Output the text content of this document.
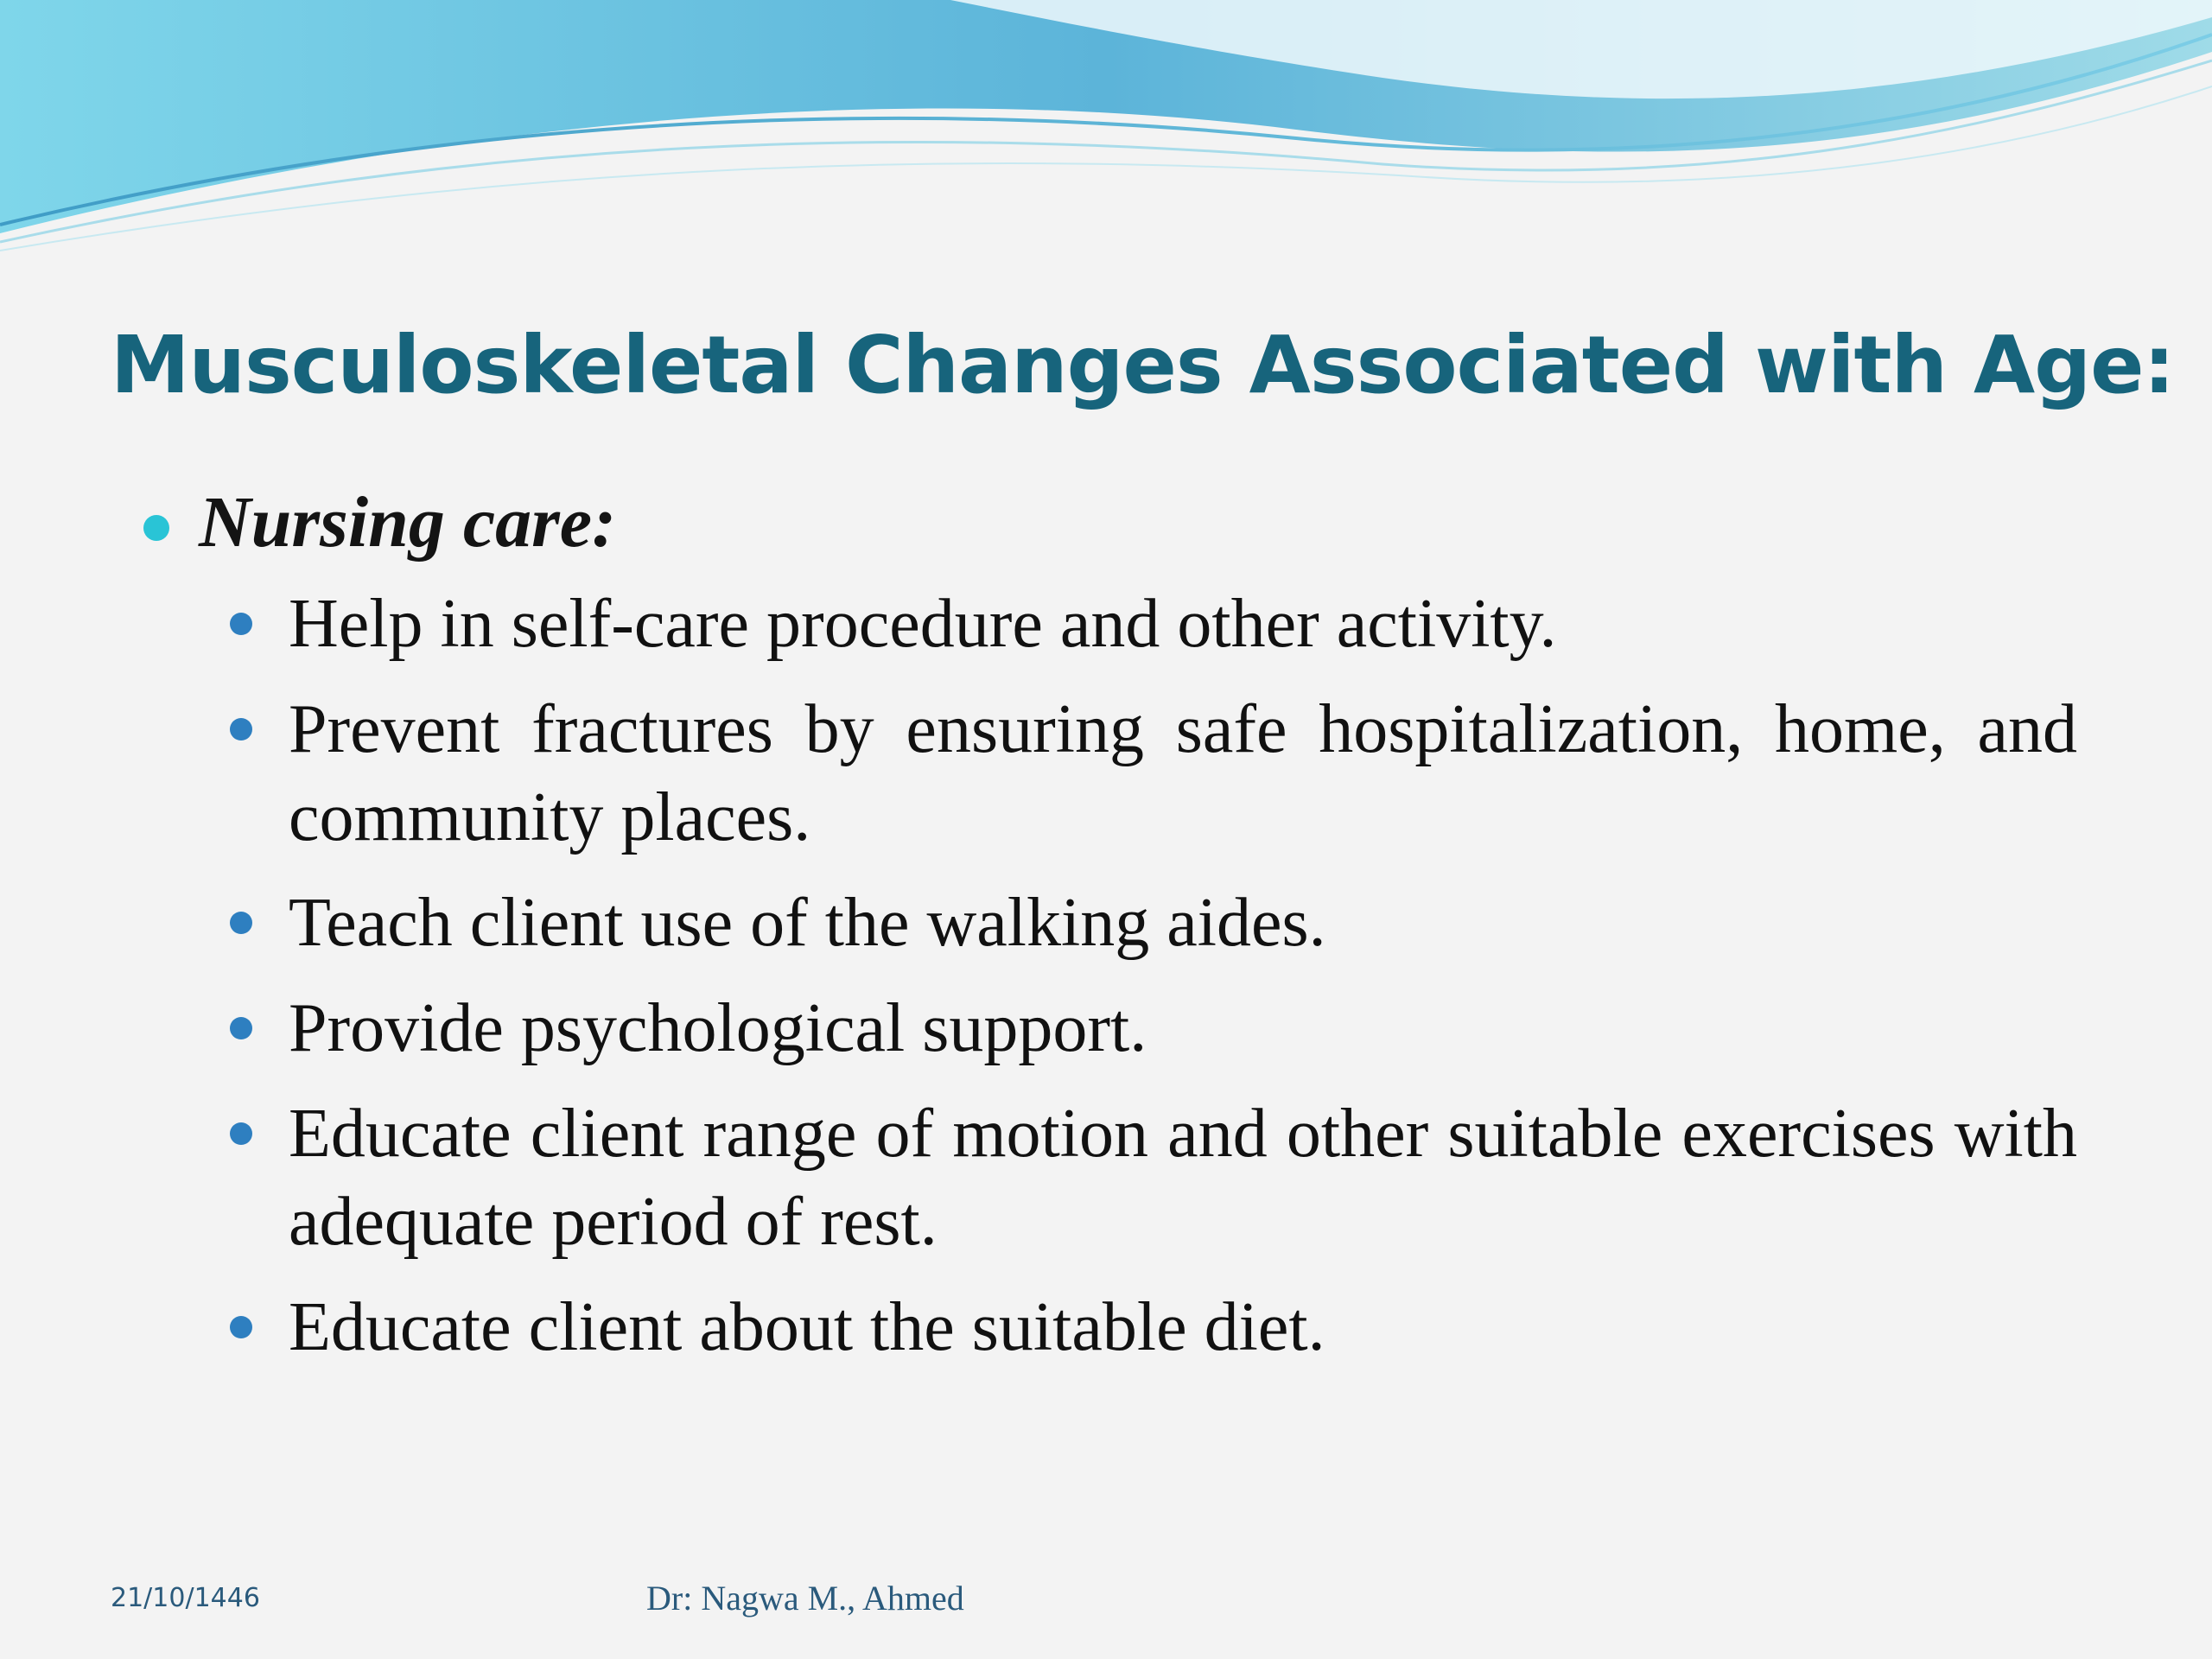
Musculoskeletal Changes Associated with Age:
Nursing care:
Help in self-care procedure and other activity.
Prevent fractures by ensuring safe hospitalization, home, and community places.
Teach client use of the walking aides.
Provide psychological support.
Educate client range of motion and other suitable exercises with adequate period of rest.
Educate client about the suitable diet.
21/10/1446	Dr: Nagwa M., Ahmed
